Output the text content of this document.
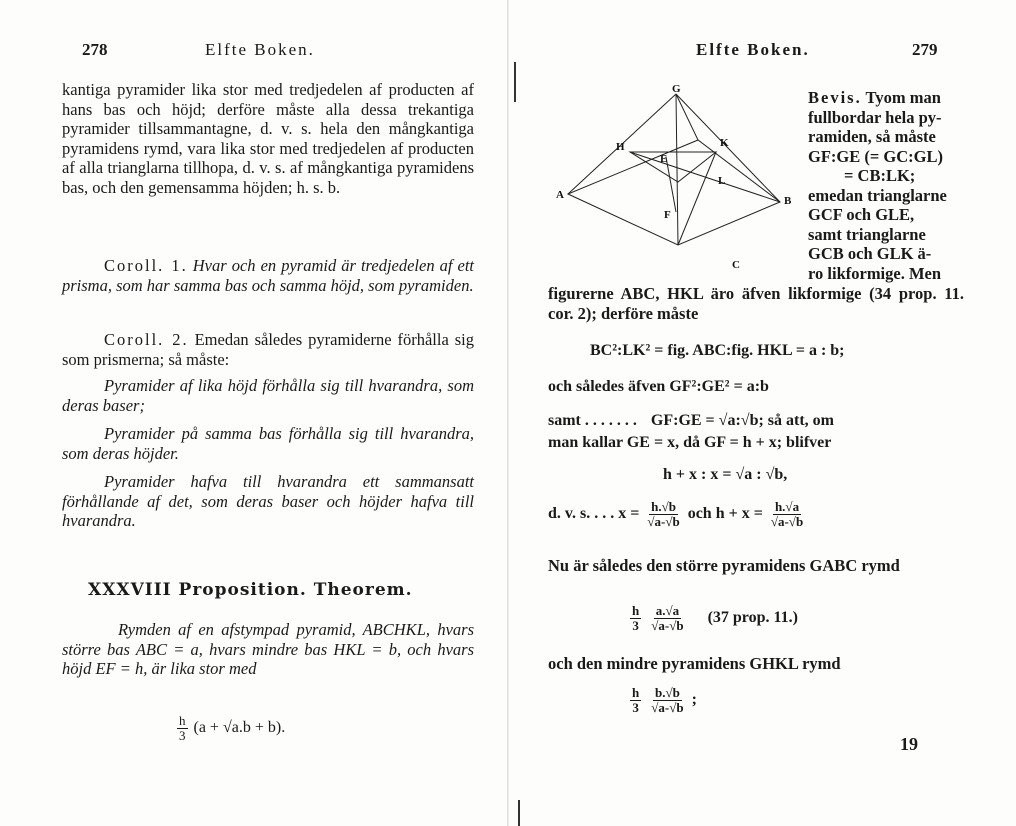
278	Elfte Boken.

kantiga pyramider lika stor med tredjedelen af producten af hans bas och höjd; derföre måste alla dessa trekantiga pyramider tillsammantagne, d. v. s. hela den mångkantiga pyramidens rymd, vara lika stor med tredjedelen af producten af alla trianglarna tillhopa, d. v. s. af mångkantiga pyramidens bas, och den gemensamma höjden; h. s. b.

Coroll. 1. Hvar och en pyramid är tredjedelen af ett prisma, som har samma bas och samma höjd, som pyramiden.

Coroll. 2. Emedan således pyramiderne förhålla sig som prismerna; så måste:

Pyramider af lika höjd förhålla sig till hvarandra, som deras baser;

Pyramider på samma bas förhålla sig till hvarandra, som deras höjder.

Pyramider hafva till hvarandra ett sammansatt förhållande af det, som deras baser och höjder hafva till hvarandra.

XXXVIII Proposition. Theorem.

Rymden af en afstympad pyramid, ABCHKL, hvars större bas ABC = a, hvars mindre bas HKL = b, och hvars höjd EF = h, är lika stor med

$\frac{h}{3} (a + √a.b + b)$.
Elfte Boken.	279
G
H	K
E
L
A	B
F
C
Bevis. Tyom man
fullbordar hela py-
ramiden, så måste
GF:GE (= GC:GL)
= CB:LK;
emedan trianglarne
GCF och GLE,
samt trianglarne
GCB och GLK ä-
ro likformige. Men

figurerne ABC, HKL äro äfven likformige (34 prop. 11. cor. 2); derföre måste

BC²:LK² = fig. ABC:fig. HKL = a : b;
och således äfven GF²:GE² = a:b
samt . . . . . . . GF:GE = √a:√b; så att, om
man kallar GE = x, då GF = h + x; blifver
h + x : x = √a : √b,
d. v. s. . . . $x = \frac{h.√b}{√a-√b}$ och $h + x = \frac{h.√a}{√a-√b}$

Nu är således den större pyramidens GABC rymd

$\frac{h}{3}$
$\frac{a.√a}{√a-√b} (37$ prop. 11.)

och den mindre pyramidens GHKL rymd

$\frac{h}{3}$
$\frac{b.√b}{√a-√b}$ ;
19
